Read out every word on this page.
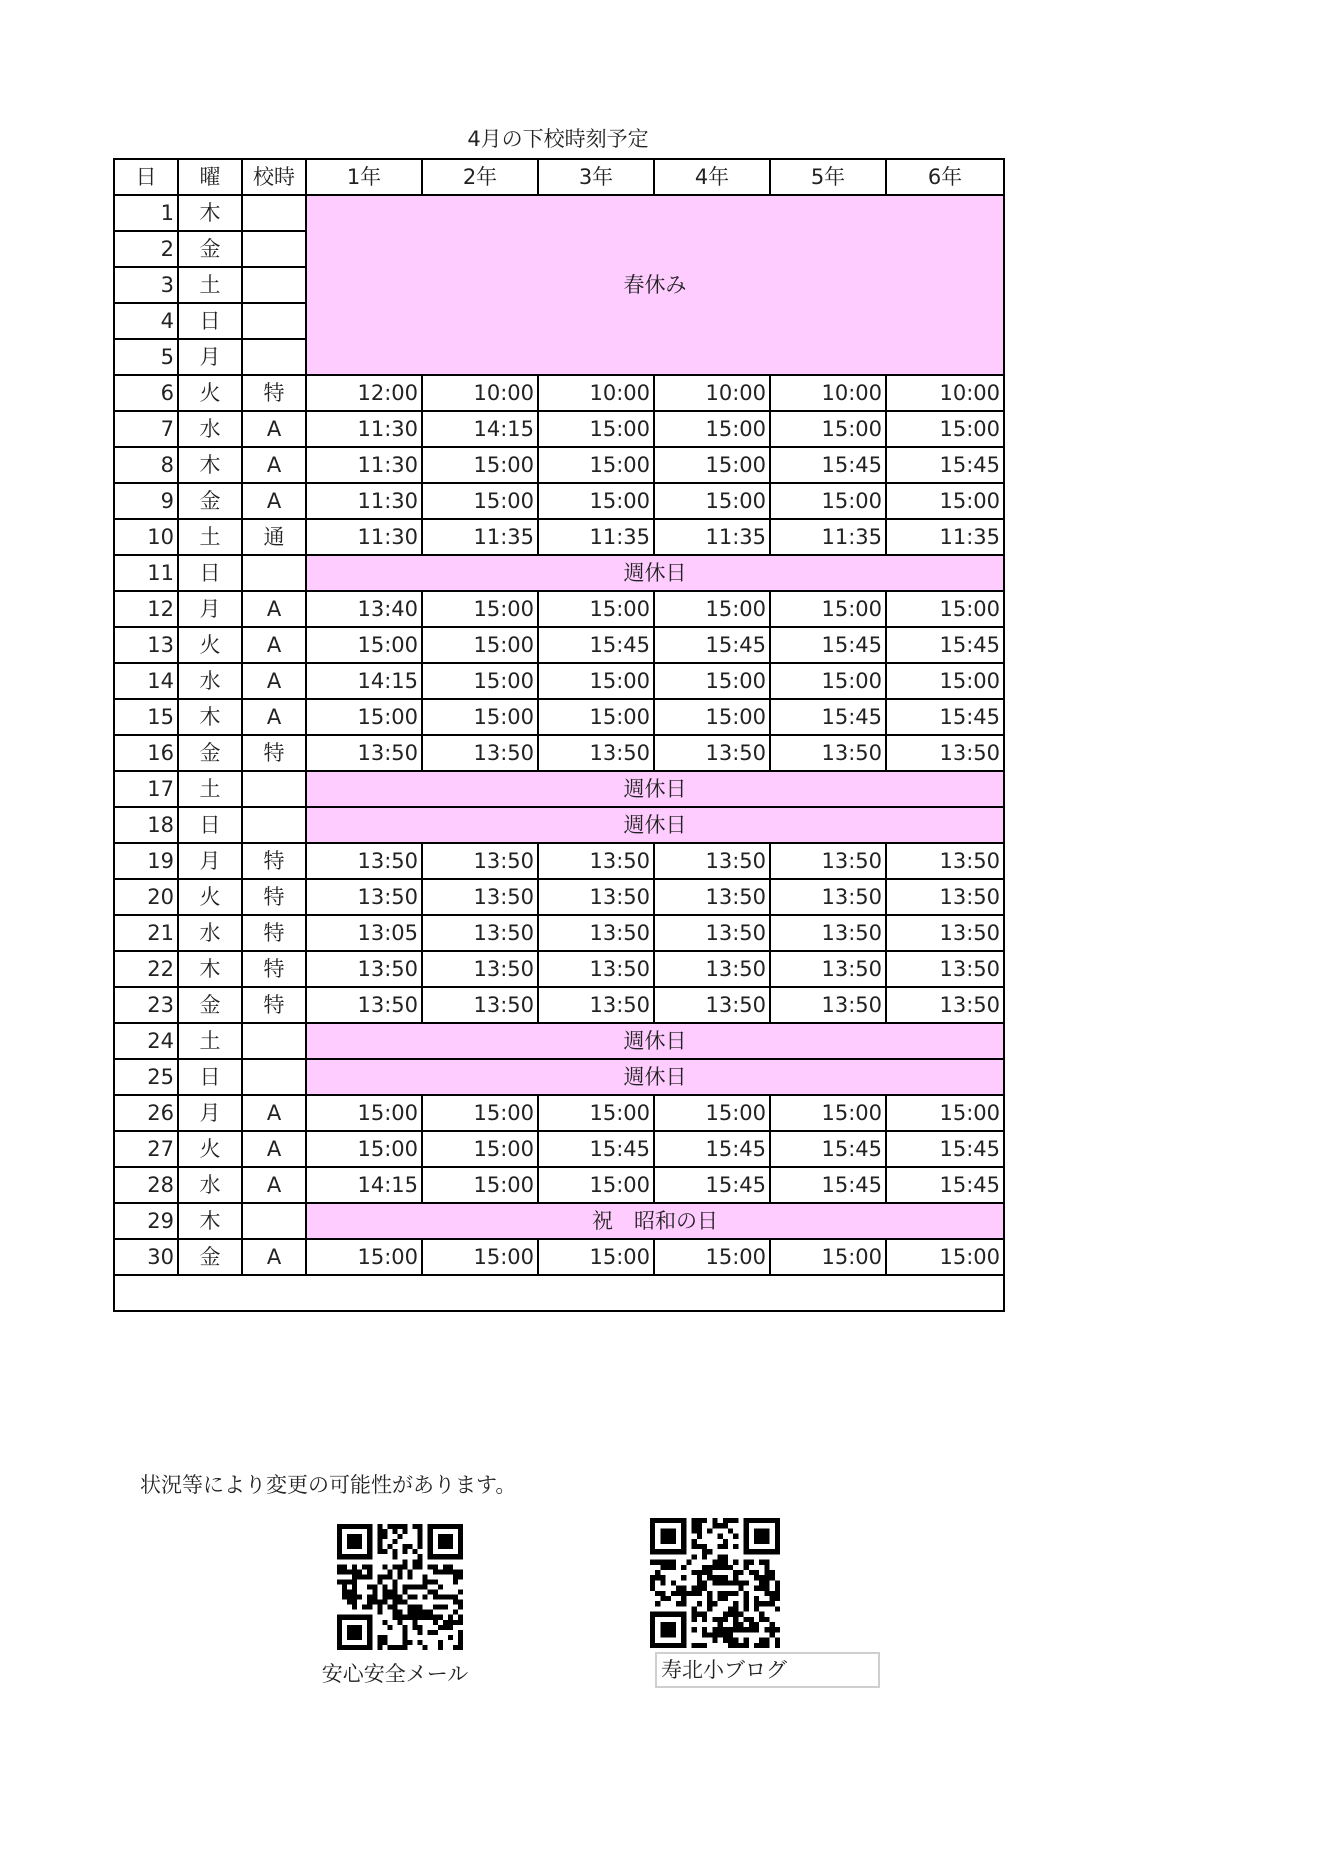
4月の下校時刻予定
日	曜	校時	1年	2年	3年	4年	5年	6年
1	木		春休み					
2	金							
3	土							
4	日							
5	月							
6	火	特	12:00	10:00	10:00	10:00	10:00	10:00
7	水	A	11:30	14:15	15:00	15:00	15:00	15:00
8	木	A	11:30	15:00	15:00	15:00	15:45	15:45
9	金	A	11:30	15:00	15:00	15:00	15:00	15:00
10	土	通	11:30	11:35	11:35	11:35	11:35	11:35
11	日		週休日					
12	月	A	13:40	15:00	15:00	15:00	15:00	15:00
13	火	A	15:00	15:00	15:45	15:45	15:45	15:45
14	水	A	14:15	15:00	15:00	15:00	15:00	15:00
15	木	A	15:00	15:00	15:00	15:00	15:45	15:45
16	金	特	13:50	13:50	13:50	13:50	13:50	13:50
17	土		週休日					
18	日		週休日					
19	月	特	13:50	13:50	13:50	13:50	13:50	13:50
20	火	特	13:50	13:50	13:50	13:50	13:50	13:50
21	水	特	13:05	13:50	13:50	13:50	13:50	13:50
22	木	特	13:50	13:50	13:50	13:50	13:50	13:50
23	金	特	13:50	13:50	13:50	13:50	13:50	13:50
24	土		週休日					
25	日		週休日					
26	月	A	15:00	15:00	15:00	15:00	15:00	15:00
27	火	A	15:00	15:00	15:45	15:45	15:45	15:45
28	水	A	14:15	15:00	15:00	15:45	15:45	15:45
29	木		祝　昭和の日					
30	金	A	15:00	15:00	15:00	15:00	15:00	15:00

状況等により変更の可能性があります。
安心安全メール	寿北小ブログ
